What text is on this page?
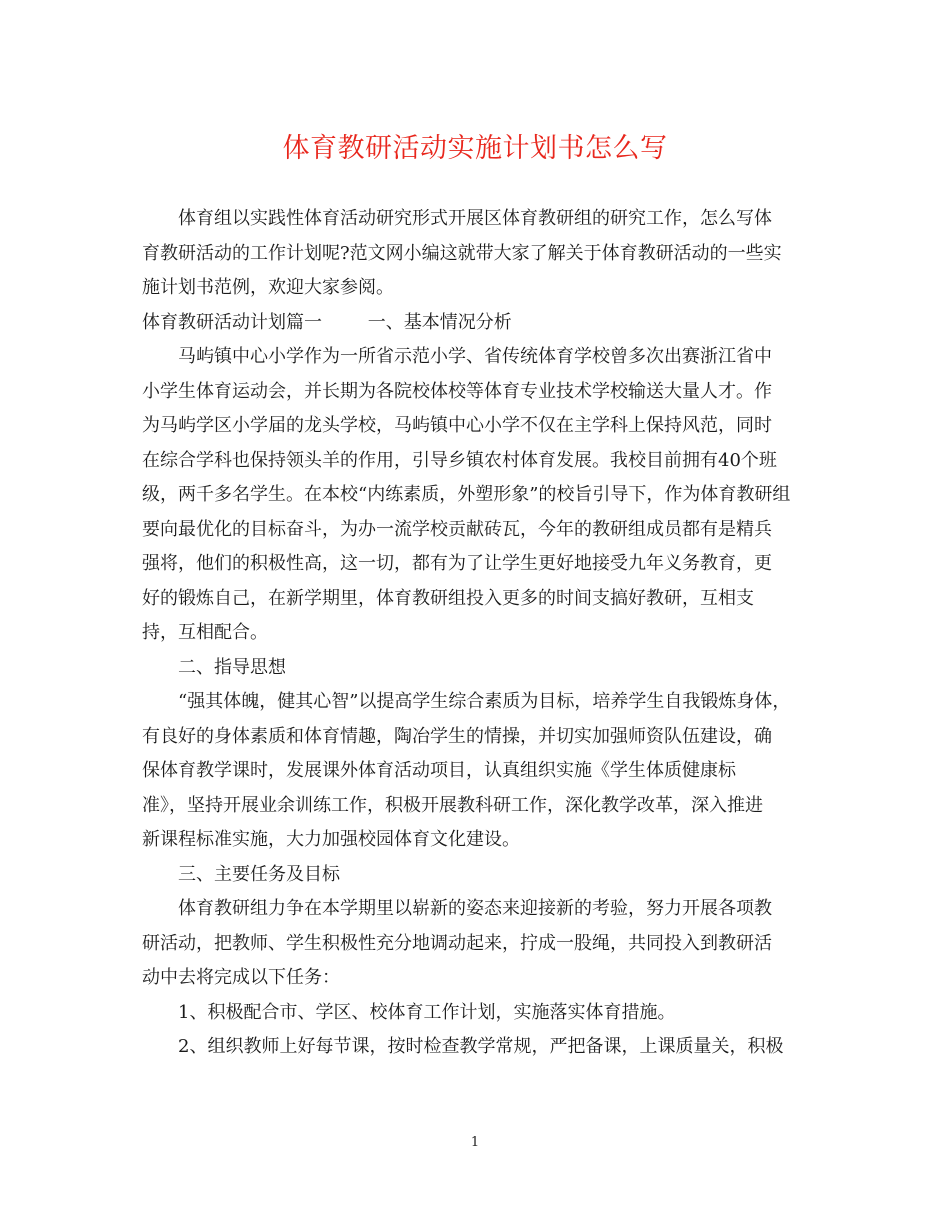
体育教研活动实施计划书怎么写
体育组以实践性体育活动研究形式开展区体育教研组的研究工作，怎么写体
育教研活动的工作计划呢?范文网小编这就带大家了解关于体育教研活动的一些实
施计划书范例，欢迎大家参阅。
体育教研活动计划篇一        一、基本情况分析
马屿镇中心小学作为一所省示范小学、省传统体育学校曾多次出赛浙江省中
小学生体育运动会，并长期为各院校体校等体育专业技术学校输送大量人才。作
为马屿学区小学届的龙头学校，马屿镇中心小学不仅在主学科上保持风范，同时
在综合学科也保持领头羊的作用，引导乡镇农村体育发展。我校目前拥有40个班
级，两千多名学生。在本校“内练素质，外塑形象”的校旨引导下，作为体育教研组
要向最优化的目标奋斗，为办一流学校贡献砖瓦，今年的教研组成员都有是精兵
强将，他们的积极性高，这一切，都有为了让学生更好地接受九年义务教育，更
好的锻炼自己，在新学期里，体育教研组投入更多的时间支搞好教研，互相支
持，互相配合。
二、指导思想
“强其体魄，健其心智”以提高学生综合素质为目标，培养学生自我锻炼身体，
有良好的身体素质和体育情趣，陶冶学生的情操，并切实加强师资队伍建设，确
保体育教学课时，发展课外体育活动项目，认真组织实施《学生体质健康标
准》，坚持开展业余训练工作，积极开展教科研工作，深化教学改革，深入推进
新课程标准实施，大力加强校园体育文化建设。
三、主要任务及目标
体育教研组力争在本学期里以崭新的姿态来迎接新的考验，努力开展各项教
研活动，把教师、学生积极性充分地调动起来，拧成一股绳，共同投入到教研活
动中去将完成以下任务：
1、积极配合市、学区、校体育工作计划，实施落实体育措施。
2、组织教师上好每节课，按时检查教学常规，严把备课，上课质量关，积极
1
